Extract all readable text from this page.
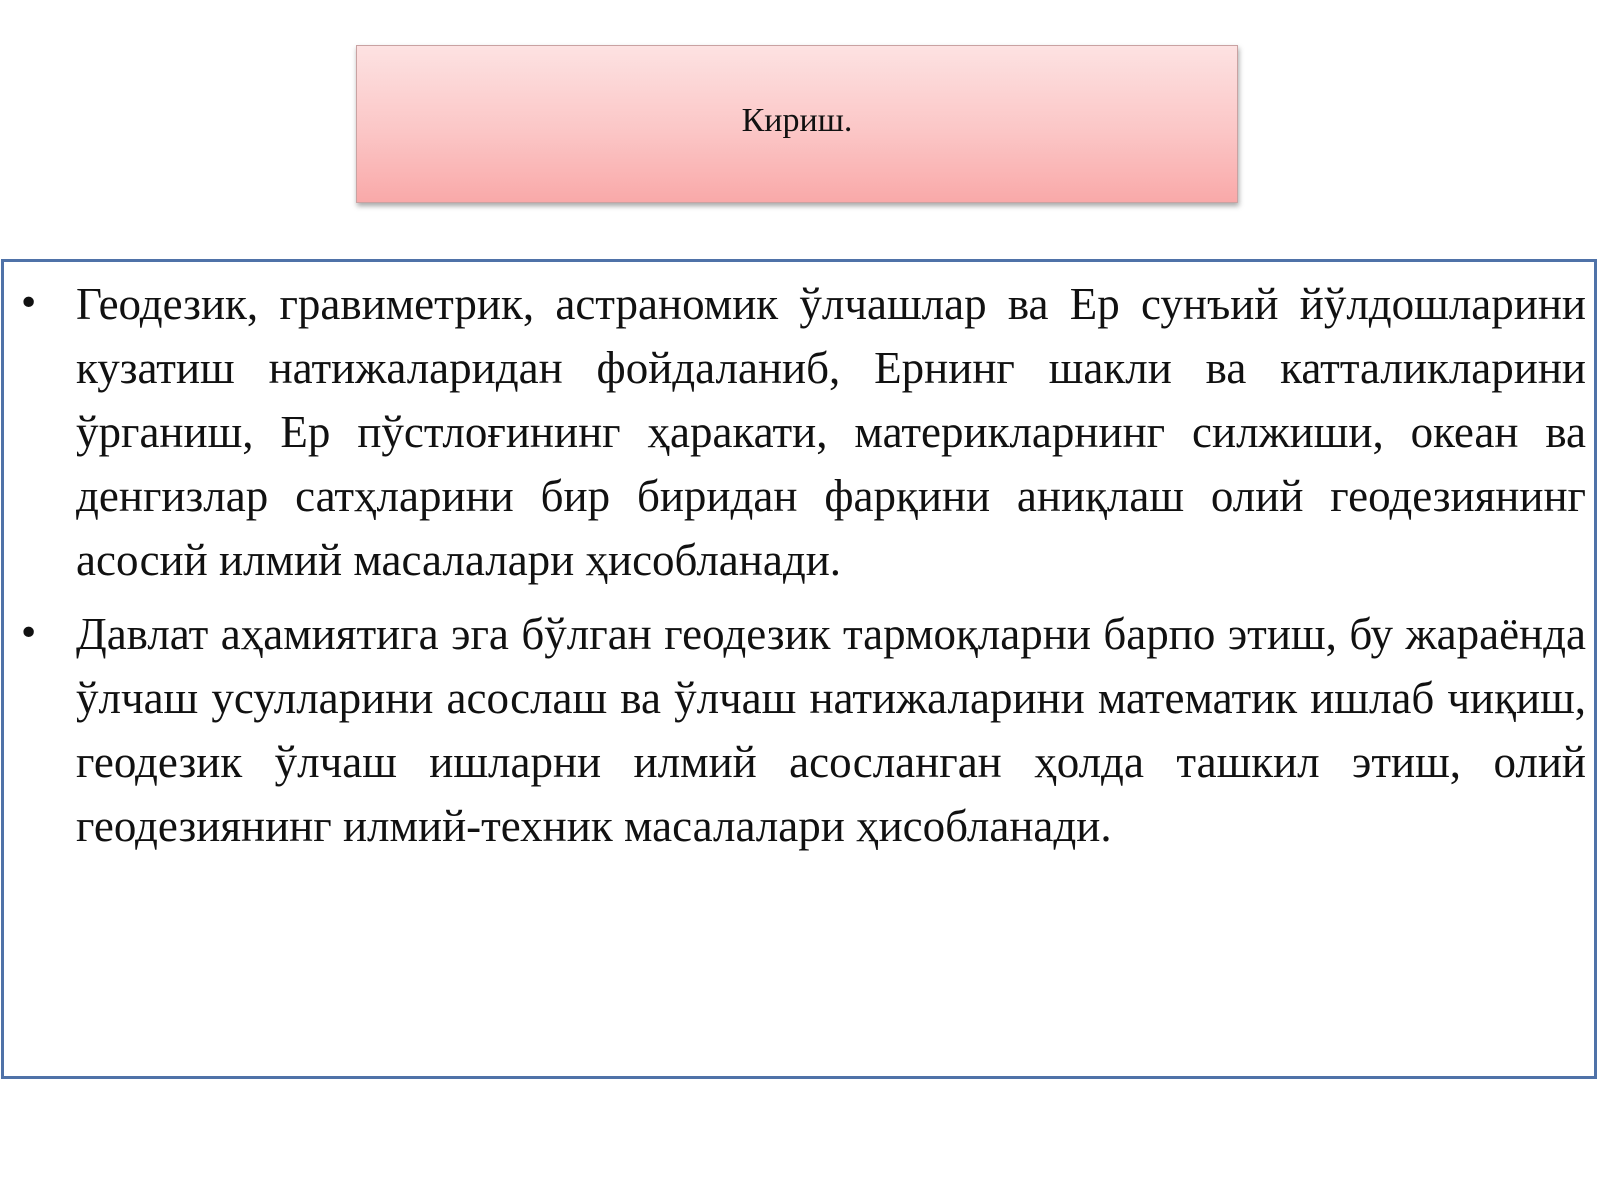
Кириш.
• Геодезик, гравиметрик, астраномик ўлчашлар ва Ер сунъий йўлдошларини кузатиш натижаларидан фойдаланиб, Ернинг шакли ва катталикларини ўрганиш, Ер пўстлоғининг ҳаракати, материкларнинг силжиши, океан ва денгизлар сатҳларини бир биридан фарқини аниқлаш олий геодезиянинг асосий илмий масалалари ҳисобланади.
• Давлат аҳамиятига эга бўлган геодезик тармоқларни барпо этиш, бу жараёнда ўлчаш усулларини асослаш ва ўлчаш натижаларини математик ишлаб чиқиш, геодезик ўлчаш ишларни илмий асосланган ҳолда ташкил этиш, олий геодезиянинг илмий-техник масалалари ҳисобланади.
